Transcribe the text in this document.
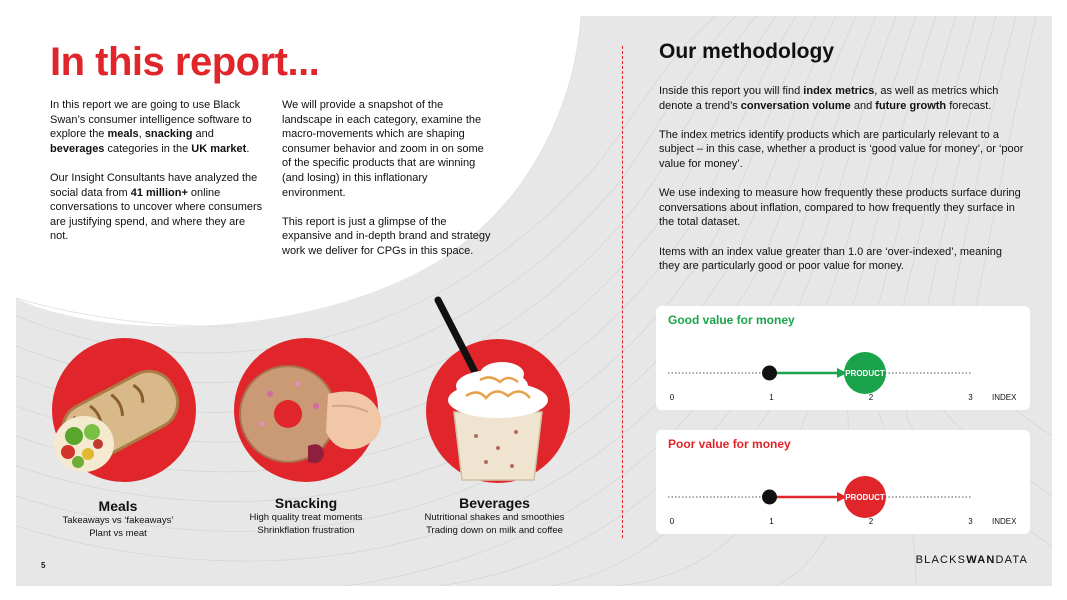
In this report...

In this report we are going to use Black Swan’s consumer intelligence software to explore the meals, snacking and beverages categories in the UK market.

Our Insight Consultants have analyzed the social data from 41 million+ online conversations to uncover where consumers are justifying spend, and where they are not.

We will provide a snapshot of the landscape in each category, examine the macro-movements which are shaping consumer behavior and zoom in on some of the specific products that are winning (and losing) in this inflationary environment.

This report is just a glimpse of the expansive and in-depth brand and strategy work we deliver for CPGs in this space.

Meals
Takeaways vs ‘fakeaways’
Plant vs meat
Snacking
High quality treat moments
Shrinkflation frustration
Beverages
Nutritional shakes and smoothies
Trading down on milk and coffee
Our methodology

Inside this report you will find index metrics, as well as metrics which denote a trend’s conversation volume and future growth forecast.

The index metrics identify products which are particularly relevant to a subject – in this case, whether a product is ‘good value for money’, or ‘poor value for money’.

We use indexing to measure how frequently these products surface during conversations about inflation, compared to how frequently they surface in the total dataset.

Items with an index value greater than 1.0 are ‘over-indexed’, meaning they are particularly good or poor value for money.

Good value for money
PRODUCT
0	1	2	3 INDEX
Poor value for money
PRODUCT
0	1	2	3 INDEX
5	BLACKSWANDATA
